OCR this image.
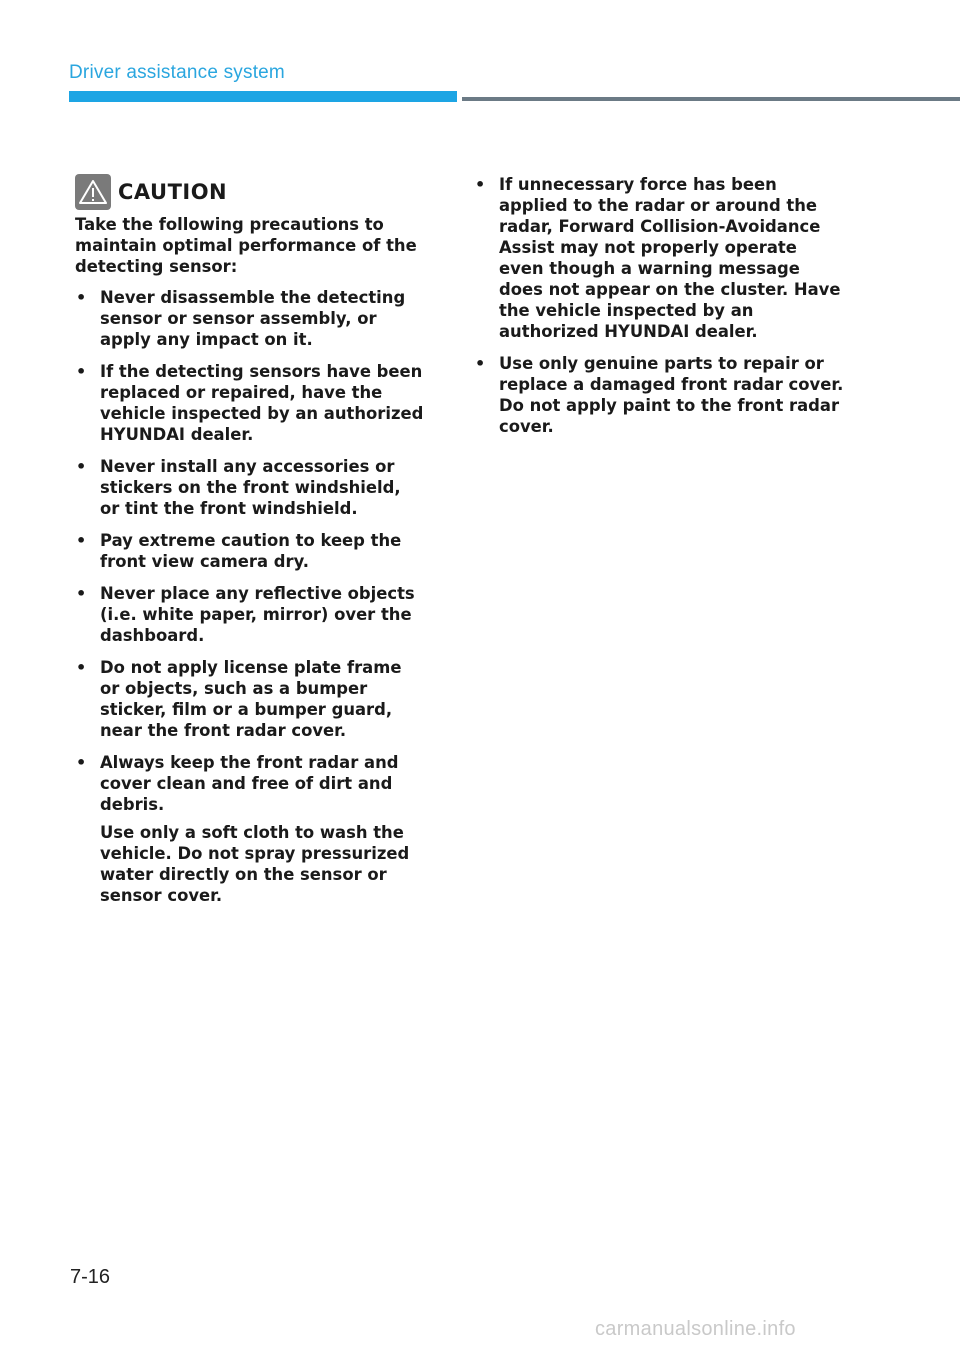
Driver assistance system
CAUTION

Take the following precautions to maintain optimal performance of the detecting sensor:

• Never disassemble the detecting sensor or sensor assembly, or apply any impact on it.
• If the detecting sensors have been replaced or repaired, have the vehicle inspected by an authorized HYUNDAI dealer.
• Never install any accessories or stickers on the front windshield, or tint the front windshield.
• Pay extreme caution to keep the front view camera dry.
• Never place any reflective objects (i.e. white paper, mirror) over the dashboard.
• Do not apply license plate frame or objects, such as a bumper sticker, film or a bumper guard, near the front radar cover.
• Always keep the front radar and cover clean and free of dirt and debris.

Use only a soft cloth to wash the vehicle. Do not spray pressurized water directly on the sensor or sensor cover.

• If unnecessary force has been applied to the radar or around the radar, Forward Collision-Avoidance Assist may not properly operate even though a warning message does not appear on the cluster. Have the vehicle inspected by an authorized HYUNDAI dealer.
• Use only genuine parts to repair or replace a damaged front radar cover. Do not apply paint to the front radar cover.
7-16
carmanualsonline.info
